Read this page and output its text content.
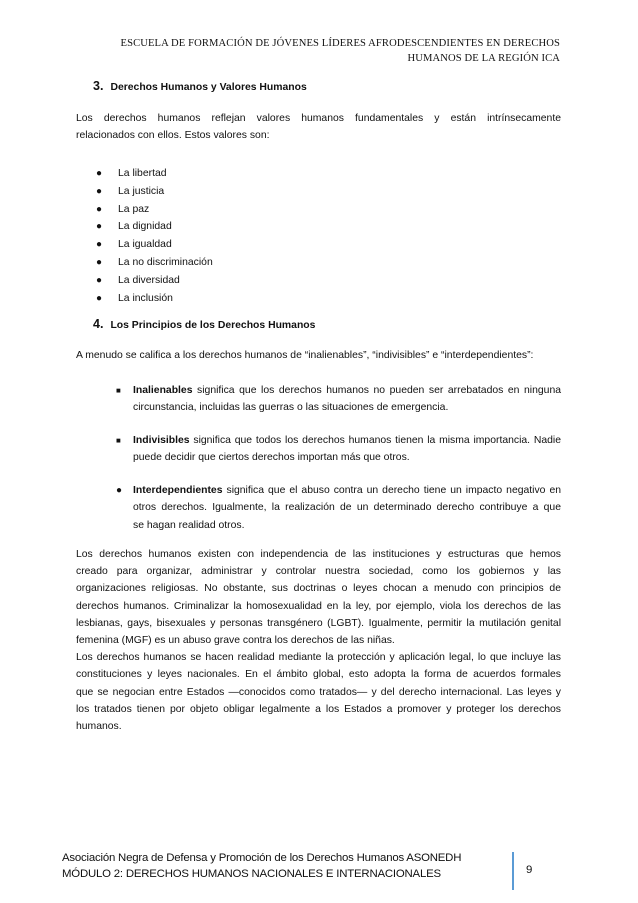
ESCUELA DE FORMACIÓN DE JÓVENES LÍDERES AFRODESCENDIENTES EN DERECHOS
HUMANOS DE LA REGIÓN ICA
3. Derechos Humanos y Valores Humanos
Los derechos humanos reflejan valores humanos fundamentales y están intrínsecamente
relacionados con ellos. Estos valores son:
● La libertad
● La justicia
● La paz
● La dignidad
● La igualdad
● La no discriminación
● La diversidad
● La inclusión
4. Los Principios de los Derechos Humanos
A menudo se califica a los derechos humanos de “inalienables”, “indivisibles” e “interdependientes”:
■	Inalienables significa que los derechos humanos no pueden ser arrebatados en ninguna
circunstancia, incluidas las guerras o las situaciones de emergencia.
■	Indivisibles significa que todos los derechos humanos tienen la misma importancia. Nadie
puede decidir que ciertos derechos importan más que otros.
●	Interdependientes significa que el abuso contra un derecho tiene un impacto negativo en
otros derechos. Igualmente, la realización de un determinado derecho contribuye a que
se hagan realidad otros.
Los derechos humanos existen con independencia de las instituciones y estructuras que hemos
creado para organizar, administrar y controlar nuestra sociedad, como los gobiernos y las
organizaciones religiosas. No obstante, sus doctrinas o leyes chocan a menudo con principios de
derechos humanos. Criminalizar la homosexualidad en la ley, por ejemplo, viola los derechos de las
lesbianas, gays, bisexuales y personas transgénero (LGBT). Igualmente, permitir la mutilación genital
femenina (MGF) es un abuso grave contra los derechos de las niñas.
Los derechos humanos se hacen realidad mediante la protección y aplicación legal, lo que incluye las
constituciones y leyes nacionales. En el ámbito global, esto adopta la forma de acuerdos formales
que se negocian entre Estados —conocidos como tratados— y del derecho internacional. Las leyes y
los tratados tienen por objeto obligar legalmente a los Estados a promover y proteger los derechos
humanos.
Asociación Negra de Defensa y Promoción de los Derechos Humanos ASONEDH
MÓDULO 2: DERECHOS HUMANOS NACIONALES E INTERNACIONALES	9
